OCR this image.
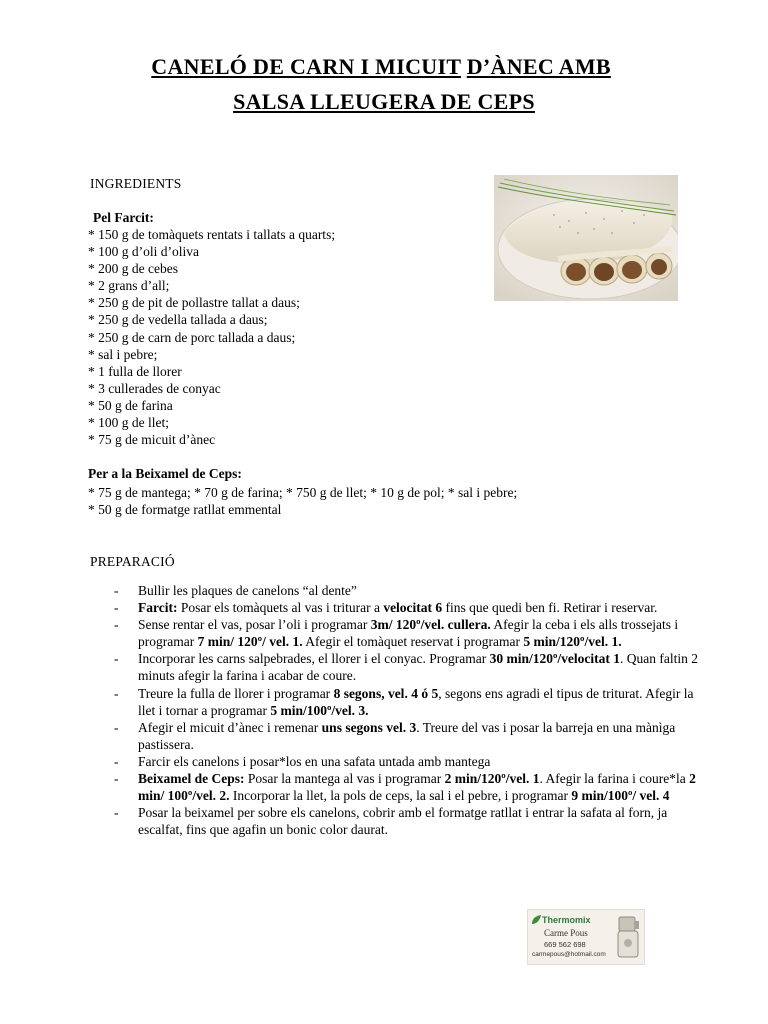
CANELÓ DE CARN I MICUIT D’ÀNEC AMB
SALSA LLEUGERA DE CEPS
INGREDIENTS
Pel Farcit:
* 150 g de tomàquets rentats i tallats a quarts;
* 100 g d’oli d’oliva
* 200 g de cebes
* 2 grans d’all;
* 250 g de pit de pollastre tallat a daus;
* 250 g de vedella tallada a daus;
* 250 g de carn de porc tallada a daus;
* sal i pebre;
* 1 fulla de llorer
* 3 cullerades de conyac
* 50 g de farina
* 100 g de llet;
* 75 g de micuit d’ànec
Per a la Beixamel de Ceps:
* 75 g de mantega; * 70 g de farina; * 750 g de llet; * 10 g de pol; * sal i pebre;
* 50 g de formatge ratllat emmental
PREPARACIÓ
- Bullir les plaques de canelons “al dente”
- Farcit: Posar els tomàquets al vas i triturar a velocitat 6 fins que quedi ben fi. Retirar i reservar.
- Sense rentar el vas, posar l’oli i programar 3m/ 120º/vel. cullera. Afegir la ceba i els alls trossejats i programar 7 min/ 120º/ vel. 1. Afegir el tomàquet reservat i programar 5 min/120º/vel. 1.
- Incorporar les carns salpebrades, el llorer i el conyac. Programar 30 min/120º/velocitat 1. Quan faltin 2 minuts afegir la farina i acabar de coure.
- Treure la fulla de llorer i programar 8 segons, vel. 4 ó 5, segons ens agradi el tipus de triturat. Afegir la llet i tornar a programar 5 min/100º/vel. 3.
- Afegir el micuit d’ànec i remenar uns segons vel. 3. Treure del vas i posar la barreja en una mànìga pastissera.
- Farcir els canelons i posar*los en una safata untada amb mantega
- Beixamel de Ceps: Posar la mantega al vas i programar 2 min/120º/vel. 1. Afegir la farina i coure*la 2 min/ 100º/vel. 2. Incorporar la llet, la pols de ceps, la sal i el pebre, i programar 9 min/100º/ vel. 4
- Posar la beixamel per sobre els canelons, cobrir amb el formatge ratllat i entrar la safata al forn, ja escalfat, fins que agafin un bonic color daurat.
Thermomix
Carme Pous
669 562 698
carmepous@hotmail.com
